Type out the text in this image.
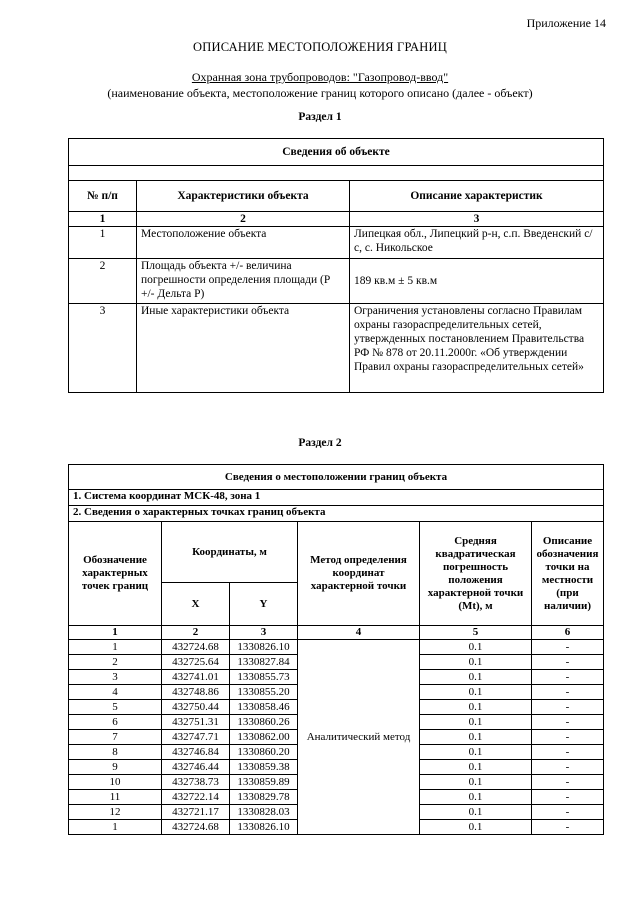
Приложение 14
ОПИСАНИЕ МЕСТОПОЛОЖЕНИЯ ГРАНИЦ
Охранная зона трубопроводов: "Газопровод-ввод"
(наименование объекта, местоположение границ которого описано (далее - объект)
Раздел 1
Сведения об объекте		

№ п/п	Характеристики объекта	Описание характеристик
1	2	3
1	Местоположение объекта	Липецкая обл., Липецкий р-н, с.п. Введенский с/с, с. Никольское
2	Площадь объекта +/- величина погрешности определения площади (Р +/- Дельта Р)	189 кв.м ± 5 кв.м
3	Иные характеристики объекта	Ограничения установлены согласно Правилам охраны газораспределительных сетей, утвержденных постановлением Правительства РФ № 878 от 20.11.2000г. «Об утверждении Правил охраны газораспределительных сетей»
Раздел 2
Сведения о местоположении границ объекта					
1. Система координат МСК-48, зона 1					
2. Сведения о характерных точках границ объекта					
Обозначение характерных точек границ	Координаты, м		Метод определения координат характерной точки	Средняя квадратическая погрешность положения характерной точки (Mt), м	Описание обозначения точки на местности (при наличии)
	X	Y			
1	2	3	4	5	6
1	432724.68	1330826.10	Аналитический метод	0.1	-
2	432725.64	1330827.84		0.1	-
3	432741.01	1330855.73		0.1	-
4	432748.86	1330855.20		0.1	-
5	432750.44	1330858.46		0.1	-
6	432751.31	1330860.26		0.1	-
7	432747.71	1330862.00		0.1	-
8	432746.84	1330860.20		0.1	-
9	432746.44	1330859.38		0.1	-
10	432738.73	1330859.89		0.1	-
11	432722.14	1330829.78		0.1	-
12	432721.17	1330828.03		0.1	-
1	432724.68	1330826.10		0.1	-
